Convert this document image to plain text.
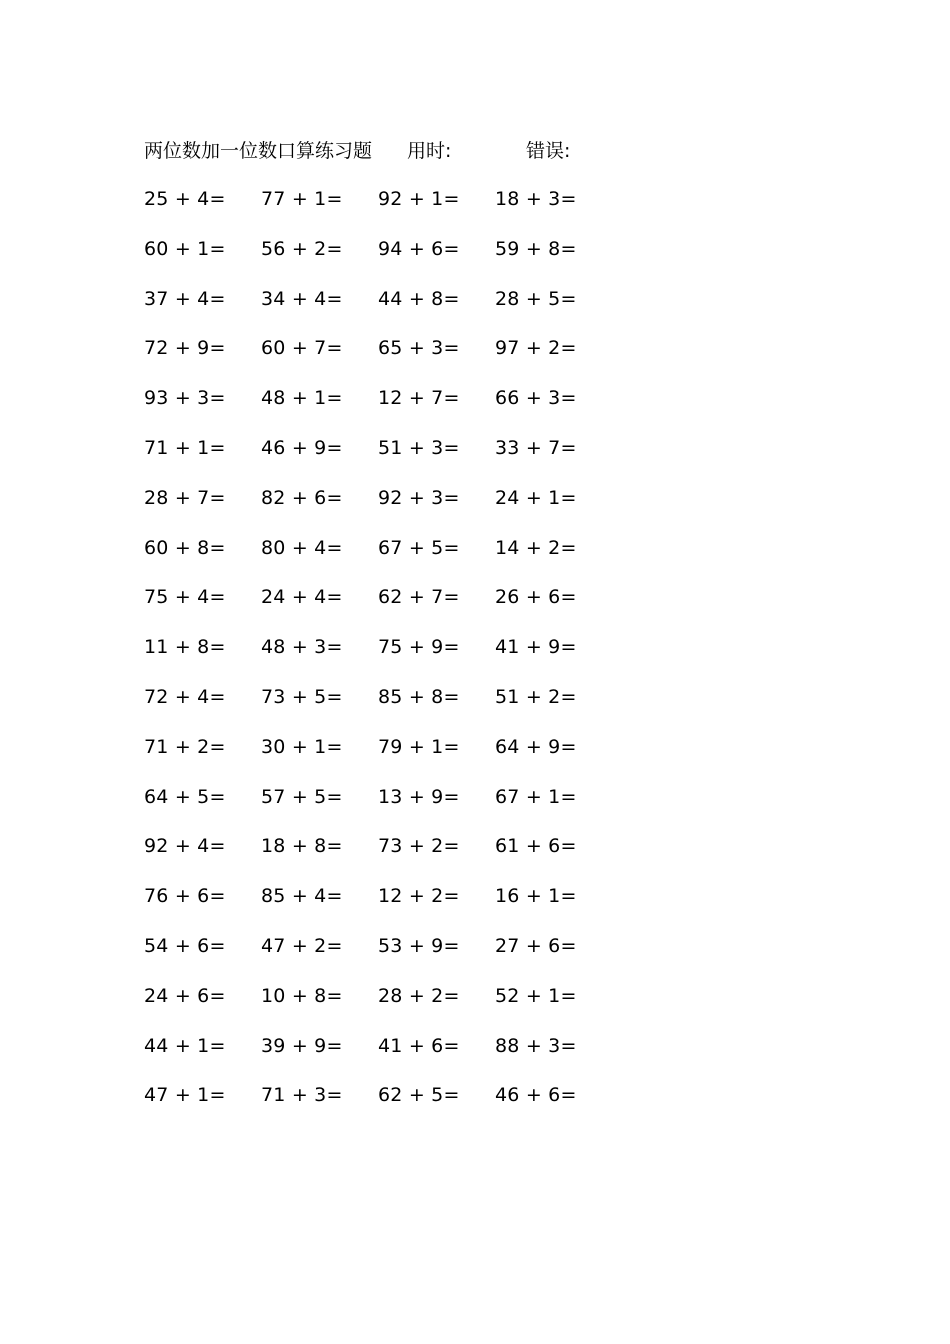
两位数加一位数口算练习题 用时:	错误:
25 + 4= 77 + 1= 92 + 1= 18 + 3=
60 + 1= 56 + 2= 94 + 6= 59 + 8=
37 + 4= 34 + 4= 44 + 8= 28 + 5=
72 + 9= 60 + 7= 65 + 3= 97 + 2=
93 + 3= 48 + 1= 12 + 7= 66 + 3=
71 + 1= 46 + 9= 51 + 3= 33 + 7=
28 + 7= 82 + 6= 92 + 3= 24 + 1=
60 + 8= 80 + 4= 67 + 5= 14 + 2=
75 + 4= 24 + 4= 62 + 7= 26 + 6=
11 + 8= 48 + 3= 75 + 9= 41 + 9=
72 + 4= 73 + 5= 85 + 8= 51 + 2=
71 + 2= 30 + 1= 79 + 1= 64 + 9=
64 + 5= 57 + 5= 13 + 9= 67 + 1=
92 + 4= 18 + 8= 73 + 2= 61 + 6=
76 + 6= 85 + 4= 12 + 2= 16 + 1=
54 + 6= 47 + 2= 53 + 9= 27 + 6=
24 + 6= 10 + 8= 28 + 2= 52 + 1=
44 + 1= 39 + 9= 41 + 6= 88 + 3=
47 + 1= 71 + 3= 62 + 5= 46 + 6=
